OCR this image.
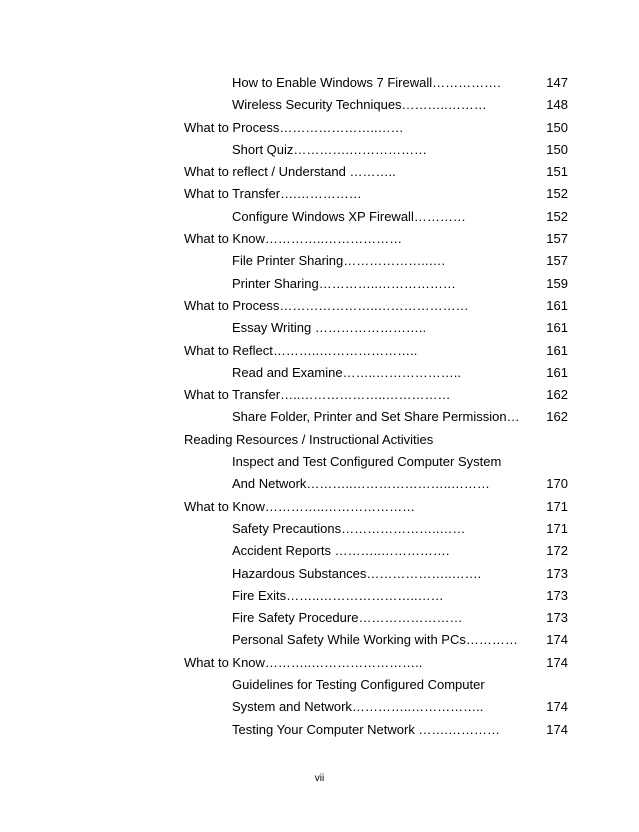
How to Enable Windows 7 Firewall…………….	147
Wireless Security Techniques………..………	148
What to Process…………………..……	150
Short Quiz………….………………	150
What to reflect / Understand ………..	151
What to Transfer….……………	152
Configure Windows XP Firewall…………	152
What to Know…………..………………	157
File Printer Sharing………………..….	157
Printer Sharing…………..………………	159
What to Process…………………..…………………	161
Essay Writing ……………………..	161
What to Reflect………..…………………..	161
Read and Examine……..………………..	161
What to Transfer…..………………..……………	162
Share Folder, Printer and Set Share Permission… 162
Reading Resources / Instructional Activities
Inspect and Test Configured Computer System
And Network………..…………………..………	170
What to Know…………..…………………	171
Safety Precautions…………………..……	171
Accident Reports ………..…………….	172
Hazardous Substances………………..…….	173
Fire Exits……..…………………..……	173
Fire Safety Procedure……………………	173
Personal Safety While Working with PCs………… 174
What to Know………..……………………..	174
Guidelines for Testing Configured Computer
System and Network…………..……………..	174
Testing Your Computer Network …….…………	174
vii
